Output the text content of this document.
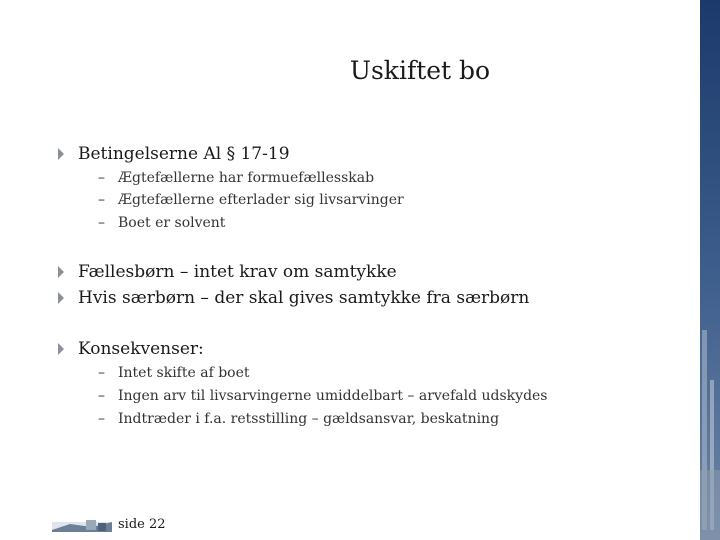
Uskiftet bo
Betingelserne Al § 17-19
– Ægtefællerne har formuefællesskab
– Ægtefællerne efterlader sig livsarvinger
– Boet er solvent
Fællesbørn – intet krav om samtykke
Hvis særbørn – der skal gives samtykke fra særbørn
Konsekvenser:
– Intet skifte af boet
– Ingen arv til livsarvingerne umiddelbart – arvefald udskydes
– Indtræder i f.a. retsstilling – gældsansvar, beskatning
side 22
